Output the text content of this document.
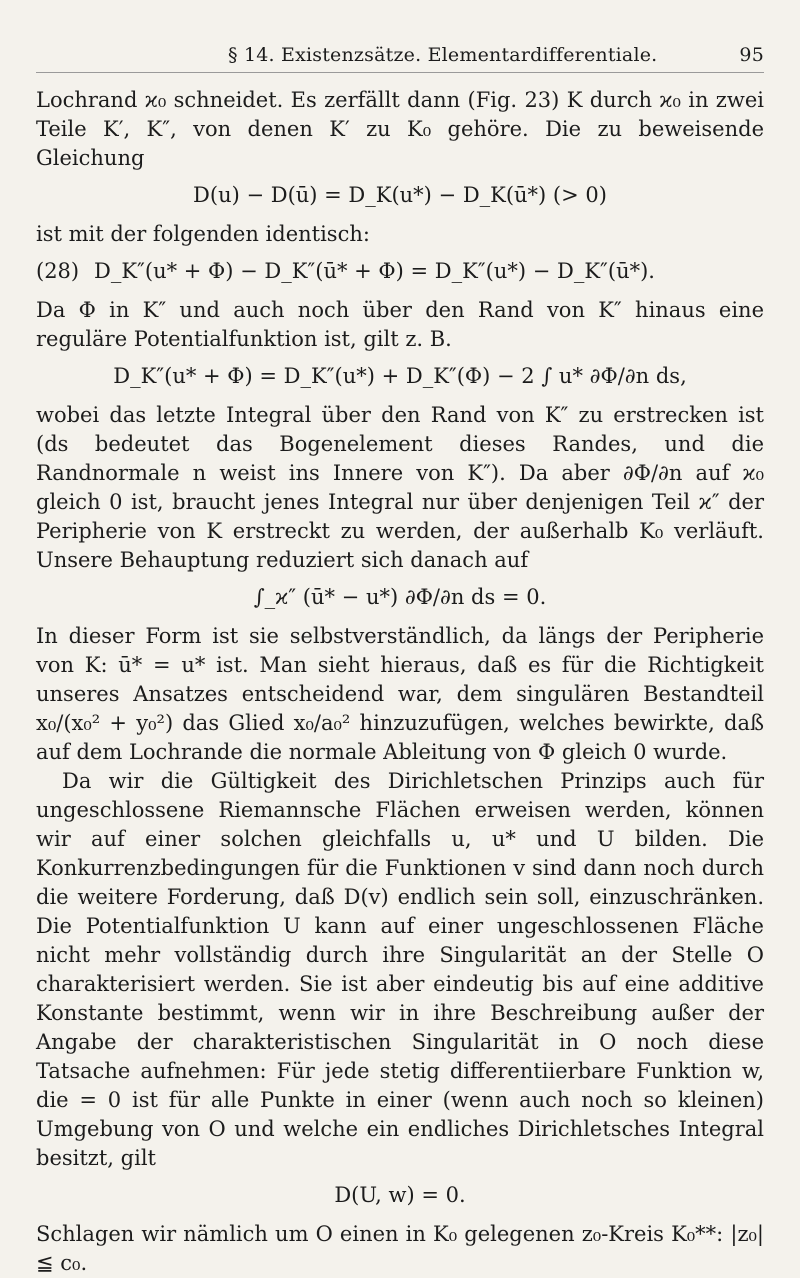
§ 14. Existenzsätze. Elementardifferentiale.	95

Lochrand ϰ₀ schneidet. Es zerfällt dann (Fig. 23) K durch ϰ₀ in zwei Teile K′, K″, von denen K′ zu K₀ gehöre. Die zu beweisende Gleichung

D(u) − D(ū) = D_K(u*) − D_K(ū*) (> 0)

ist mit der folgenden identisch:

(28) D_K″(u* + Φ) − D_K″(ū* + Φ) = D_K″(u*) − D_K″(ū*).

Da Φ in K″ und auch noch über den Rand von K″ hinaus eine reguläre Potentialfunktion ist, gilt z. B.

D_K″(u* + Φ) = D_K″(u*) + D_K″(Φ) − 2 ∫ u* ∂Φ/∂n ds,

wobei das letzte Integral über den Rand von K″ zu erstrecken ist (ds bedeutet das Bogenelement dieses Randes, und die Randnormale n weist ins Innere von K″). Da aber ∂Φ/∂n auf ϰ₀ gleich 0 ist, braucht jenes Integral nur über denjenigen Teil ϰ″ der Peripherie von K erstreckt zu werden, der außerhalb K₀ verläuft. Unsere Behauptung reduziert sich danach auf

∫_ϰ″ (ū* − u*) ∂Φ/∂n ds = 0.

In dieser Form ist sie selbstverständlich, da längs der Peripherie von K: ū* = u* ist. Man sieht hieraus, daß es für die Richtigkeit unseres Ansatzes entscheidend war, dem singulären Bestandteil x₀/(x₀² + y₀²) das Glied x₀/a₀² hinzuzufügen, welches bewirkte, daß auf dem Lochrande die normale Ableitung von Φ gleich 0 wurde.

Da wir die Gültigkeit des Dirichletschen Prinzips auch für ungeschlossene Riemannsche Flächen erweisen werden, können wir auf einer solchen gleichfalls u, u* und U bilden. Die Konkurrenzbedingungen für die Funktionen v sind dann noch durch die weitere Forderung, daß D(v) endlich sein soll, einzuschränken. Die Potentialfunktion U kann auf einer ungeschlossenen Fläche nicht mehr vollständig durch ihre Singularität an der Stelle O charakterisiert werden. Sie ist aber eindeutig bis auf eine additive Konstante bestimmt, wenn wir in ihre Beschreibung außer der Angabe der charakteristischen Singularität in O noch diese Tatsache aufnehmen: Für jede stetig differentiierbare Funktion w, die = 0 ist für alle Punkte in einer (wenn auch noch so kleinen) Umgebung von O und welche ein endliches Dirichletsches Integral besitzt, gilt

D(U, w) = 0.

Schlagen wir nämlich um O einen in K₀ gelegenen z₀-Kreis K₀**: |z₀| ≦ c₀.
